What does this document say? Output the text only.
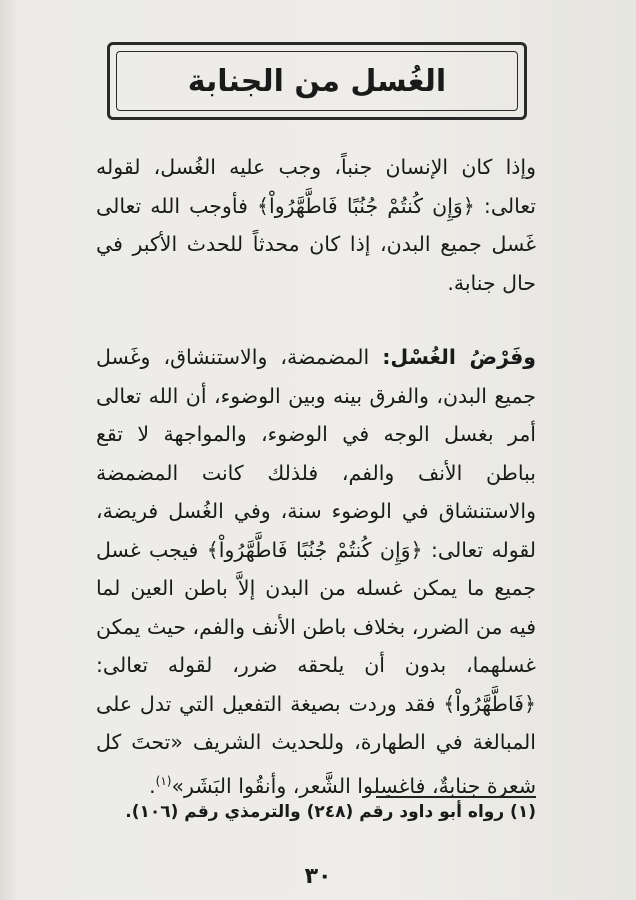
الغُسل من الجنابة

وإذا كان الإنسان جنباً، وجب عليه الغُسل، لقوله تعالى: ﴿وَإِن كُنتُمْ جُنُبًا فَاطَّهَّرُواْ﴾ فأوجب الله تعالى غَسل جميع البدن، إذا كان محدثاً للحدث الأكبر في حال جنابة.

وفَرْضُ الغُسْل: المضمضة، والاستنشاق، وغَسل جميع البدن، والفرق بينه وبين الوضوء، أن الله تعالى أمر بغسل الوجه في الوضوء، والمواجهة لا تقع بباطن الأنف والفم، فلذلك كانت المضمضة والاستنشاق في الوضوء سنة، وفي الغُسل فريضة، لقوله تعالى: ﴿وَإِن كُنتُمْ جُنُبًا فَاطَّهَّرُواْ﴾ فيجب غسل جميع ما يمكن غسله من البدن إلاَّ باطن العين لما فيه من الضرر، بخلاف باطن الأنف والفم، حيث يمكن غسلهما، بدون أن يلحقه ضرر، لقوله تعالى: ﴿فَاطَّهَّرُواْ﴾ فقد وردت بصيغة التفعيل التي تدل على المبالغة في الطهارة، وللحديث الشريف «تحتَ كل شعرة جنابةٌ، فاغسِلوا الشَّعر، وأنقُوا البَشَر»$^{(١)}$.

(١) رواه أبو داود رقم (٢٤٨) والترمذي رقم (١٠٦).
٣٠
